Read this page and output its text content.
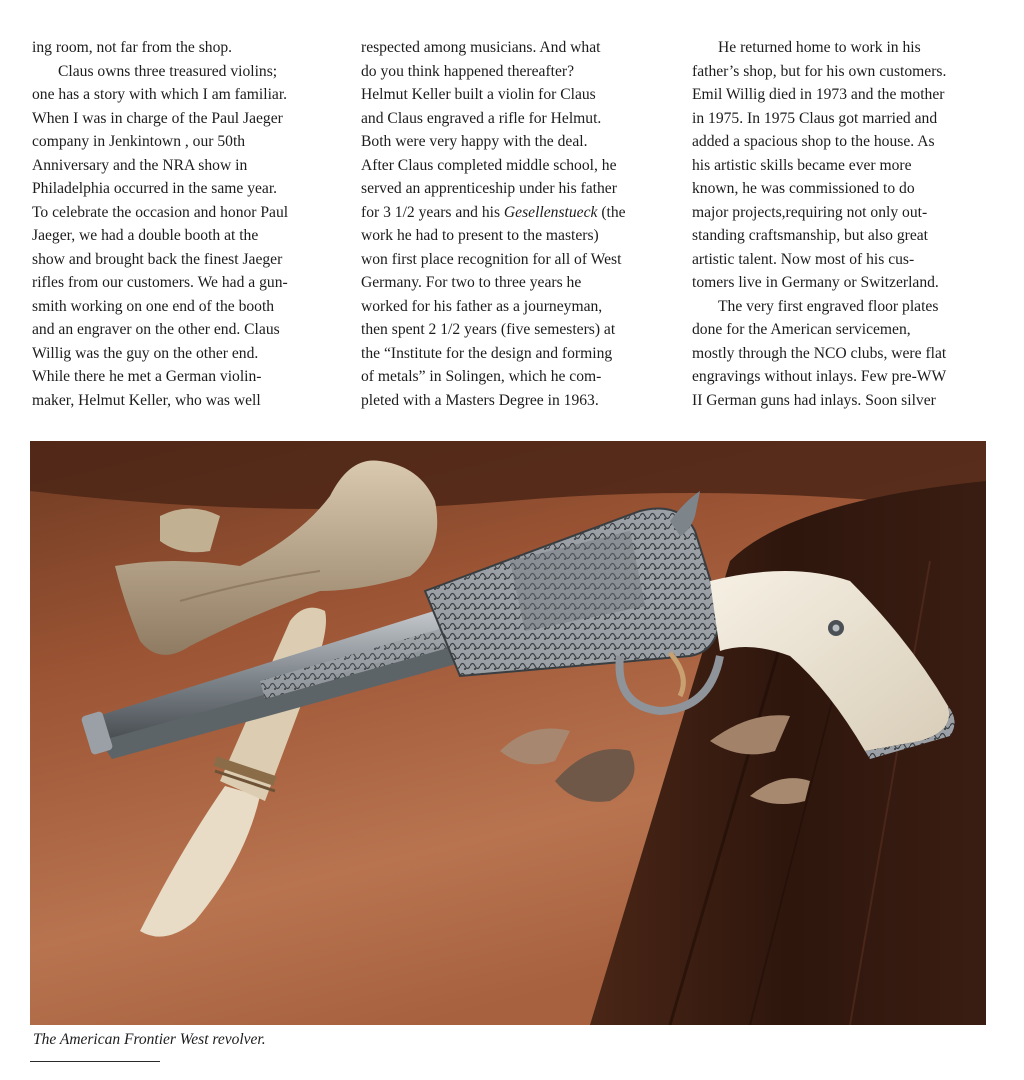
ing room, not far from the shop.
Claus owns three treasured violins;
one has a story with which I am familiar.
When I was in charge of the Paul Jaeger
company in Jenkintown , our 50th
Anniversary and the NRA show in
Philadelphia occurred in the same year.
To celebrate the occasion and honor Paul
Jaeger, we had a double booth at the
show and brought back the finest Jaeger
rifles from our customers. We had a gun-
smith working on one end of the booth
and an engraver on the other end. Claus
Willig was the guy on the other end.
While there he met a German violin-
maker, Helmut Keller, who was well
respected among musicians. And what
do you think happened thereafter?
Helmut Keller built a violin for Claus
and Claus engraved a rifle for Helmut.
Both were very happy with the deal.
After Claus completed middle school, he
served an apprenticeship under his father
for 3 1/2 years and his Gesellenstueck (the
work he had to present to the masters)
won first place recognition for all of West
Germany. For two to three years he
worked for his father as a journeyman,
then spent 2 1/2 years (five semesters) at
the “Institute for the design and forming
of metals” in Solingen, which he com-
pleted with a Masters Degree in 1963.
He returned home to work in his
father’s shop, but for his own customers.
Emil Willig died in 1973 and the mother
in 1975. In 1975 Claus got married and
added a spacious shop to the house. As
his artistic skills became ever more
known, he was commissioned to do
major projects,requiring not only out-
standing craftsmanship, but also great
artistic talent. Now most of his cus-
tomers live in Germany or Switzerland.
The very first engraved floor plates
done for the American servicemen,
mostly through the NCO clubs, were flat
engravings without inlays. Few pre-WW
II German guns had inlays. Soon silver
The American Frontier West revolver.
